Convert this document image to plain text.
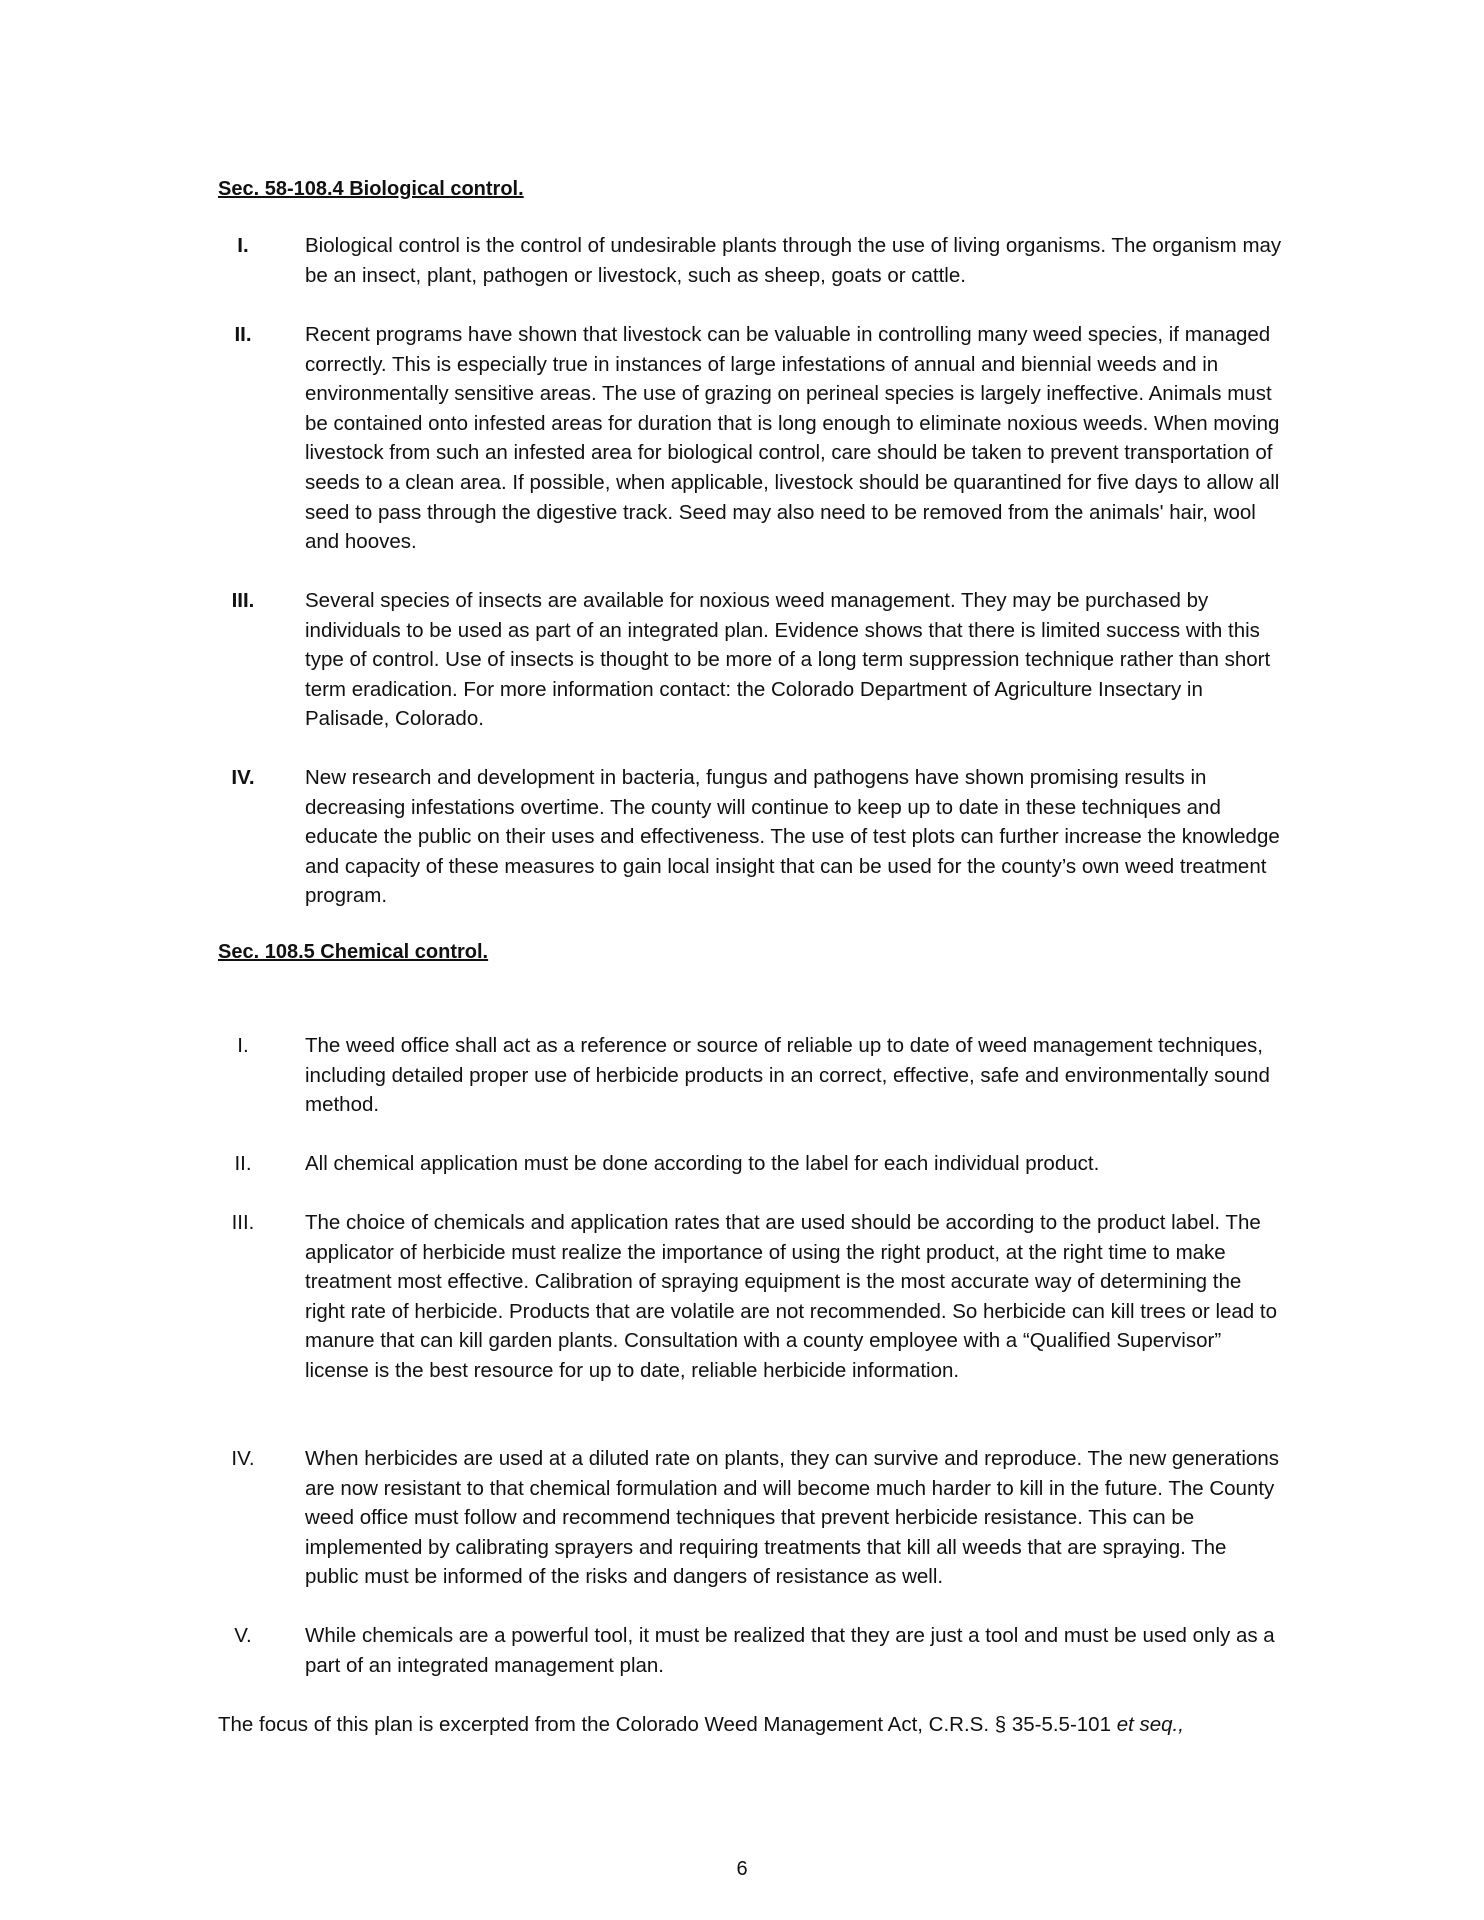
Sec. 58-108.4 Biological control.
I.	Biological control is the control of undesirable plants through the use of living organisms. The organism may be an insect, plant, pathogen or livestock, such as sheep, goats or cattle.
II.	Recent programs have shown that livestock can be valuable in controlling many weed species, if managed correctly. This is especially true in instances of large infestations of annual and biennial weeds and in environmentally sensitive areas. The use of grazing on perineal species is largely ineffective. Animals must be contained onto infested areas for duration that is long enough to eliminate noxious weeds. When moving livestock from such an infested area for biological control, care should be taken to prevent transportation of seeds to a clean area. If possible, when applicable, livestock should be quarantined for five days to allow all seed to pass through the digestive track. Seed may also need to be removed from the animals' hair, wool and hooves.
III.	Several species of insects are available for noxious weed management. They may be purchased by individuals to be used as part of an integrated plan. Evidence shows that there is limited success with this type of control. Use of insects is thought to be more of a long term suppression technique rather than short term eradication. For more information contact: the Colorado Department of Agriculture Insectary in Palisade, Colorado.
IV.	New research and development in bacteria, fungus and pathogens have shown promising results in decreasing infestations overtime. The county will continue to keep up to date in these techniques and educate the public on their uses and effectiveness. The use of test plots can further increase the knowledge and capacity of these measures to gain local insight that can be used for the county’s own weed treatment program.
Sec. 108.5 Chemical control.
I.	The weed office shall act as a reference or source of reliable up to date of weed management techniques, including detailed proper use of herbicide products in an correct, effective, safe and environmentally sound method.
II.	All chemical application must be done according to the label for each individual product.
III.	The choice of chemicals and application rates that are used should be according to the product label. The applicator of herbicide must realize the importance of using the right product, at the right time to make treatment most effective. Calibration of spraying equipment is the most accurate way of determining the right rate of herbicide. Products that are volatile are not recommended. So herbicide can kill trees or lead to manure that can kill garden plants. Consultation with a county employee with a “Qualified Supervisor” license is the best resource for up to date, reliable herbicide information.
IV.	When herbicides are used at a diluted rate on plants, they can survive and reproduce. The new generations are now resistant to that chemical formulation and will become much harder to kill in the future. The County weed office must follow and recommend techniques that prevent herbicide resistance. This can be implemented by calibrating sprayers and requiring treatments that kill all weeds that are spraying. The public must be informed of the risks and dangers of resistance as well.
V.	While chemicals are a powerful tool, it must be realized that they are just a tool and must be used only as a part of an integrated management plan.
The focus of this plan is excerpted from the Colorado Weed Management Act, C.R.S. § 35-5.5-101 et seq.,
6
